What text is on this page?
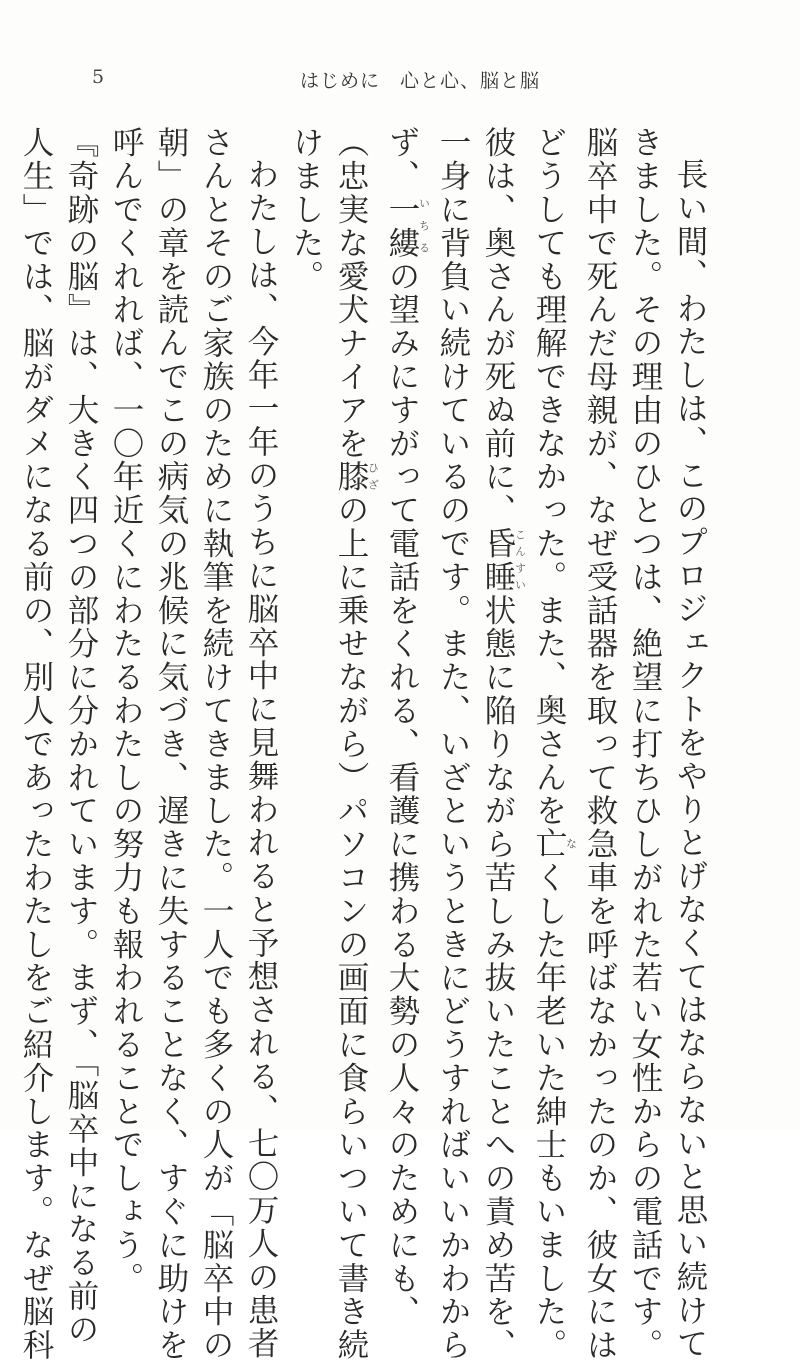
5	はじめに　心と心、脳と脳
長い間、わたしは、このプロジェクトをやりとげなくてはならないと思い続けて
きました。その理由のひとつは、絶望に打ちひしがれた若い女性からの電話です。
脳卒中で死んだ母親が、なぜ受話器を取って救急車を呼ばなかったのか、彼女には
どうしても理解できなかった。また、奥さんを亡なくした年老いた紳士もいました。
彼は、奥さんが死ぬ前に、昏睡こんすい状態に陥りながら苦しみ抜いたことへの責め苦を、
一身に背負い続けているのです。また、いざというときにどうすればいいかわから
ず、一縷いちるの望みにすがって電話をくれる、看護に携わる大勢の人々のためにも、
（忠実な愛犬ナイアを膝ひざの上に乗せながら）パソコンの画面に食らいついて書き続
けました。
わたしは、今年一年のうちに脳卒中に見舞われると予想される、七〇万人の患者
さんとそのご家族のために執筆を続けてきました。一人でも多くの人が「脳卒中の
朝」の章を読んでこの病気の兆候に気づき、遅きに失することなく、すぐに助けを
呼んでくれれば、一〇年近くにわたるわたしの努力も報われることでしょう。
『奇跡の脳』は、大きく四つの部分に分かれています。まず、「脳卒中になる前の
人生」では、脳がダメになる前の、別人であったわたしをご紹介します。なぜ脳科
